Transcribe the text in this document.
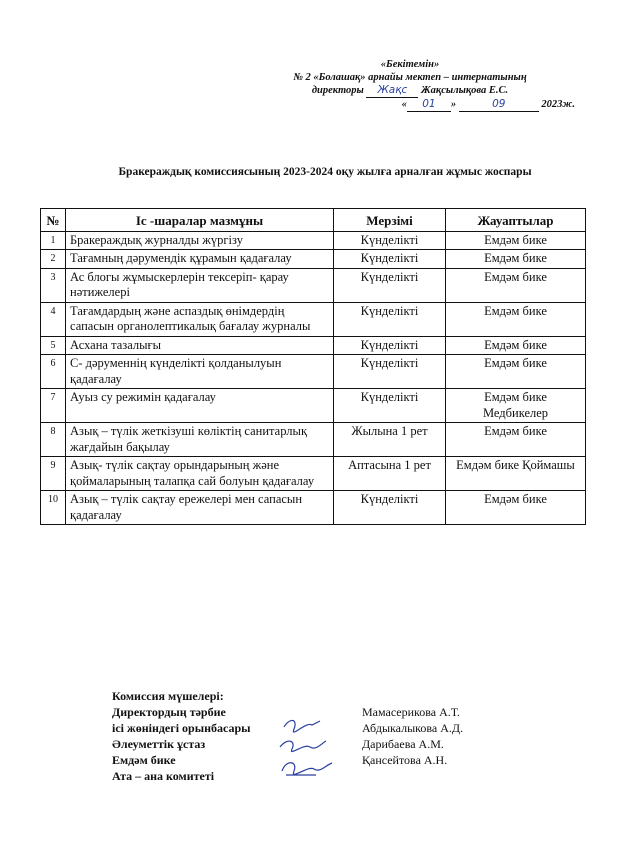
«Бекітемін»
№ 2 «Болашақ» арнайы мектеп – интернатының
директоры Жақс Жақсылықова Е.С.
« 01 »	09	2023ж.
Бракераждық комиссиясының 2023-2024 оқу жылға арналған жұмыс жоспары
№	Іс -шаралар мазмұны	Мерзімі	Жауаптылар
1	Бракераждық журналды жүргізу	Күнделікті	Емдәм бике
2	Тағамның дәрумендік құрамын қадағалау	Күнделікті	Емдәм бике
3	Ас блогы жұмыскерлерін тексеріп- қарау нәтижелері	Күнделікті	Емдәм бике
4	Тағамдардың және аспаздық өнімдердің сапасын органолептикалық бағалау журналы	Күнделікті	Емдәм бике
5	Асхана тазалығы	Күнделікті	Емдәм бике
6	С- дәруменнің күнделікті қолданылуын қадағалау	Күнделікті	Емдәм бике
7	Ауыз су режимін қадағалау	Күнделікті	Емдәм бике Медбикелер
8	Азық – түлік жеткізуші көліктің санитарлық жағдайын бақылау	Жылына 1 рет	Емдәм бике
9	Азық- түлік сақтау орындарының және қоймаларының талапқа сай болуын қадағалау	Аптасына 1 рет	Емдәм бике Қоймашы
10	Азық – түлік сақтау ережелері мен сапасын қадағалау	Күнделікті	Емдәм бике
Комиссия мүшелері:
Директордың тәрбие
ісі жөніндегі орынбасары
Әлеуметтік ұстаз
Емдәм бике
Ата – ана комитеті
Мамасерикова А.Т.
Абдыкалыкова А.Д.
Дарибаева А.М.
Қансейтова А.Н.
